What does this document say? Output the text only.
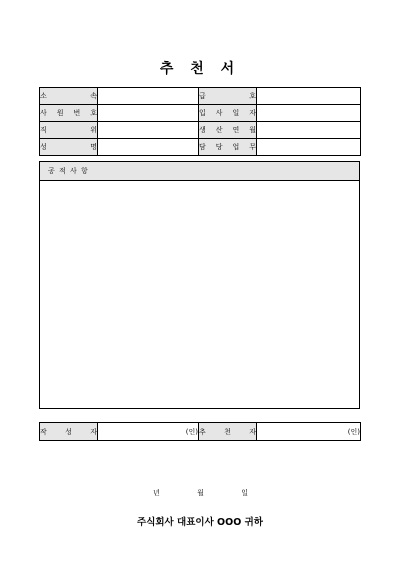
추 천 서
소 속		급 호	

사 원 번 호		입 사 일 자	

직 위		생 산 연 월	

성 명		담 당 업 무	

공 적 사 항
작	성	자	(인)	추	천	자	(인)
년	월	일
주식회사 대표이사 OOO 귀하
